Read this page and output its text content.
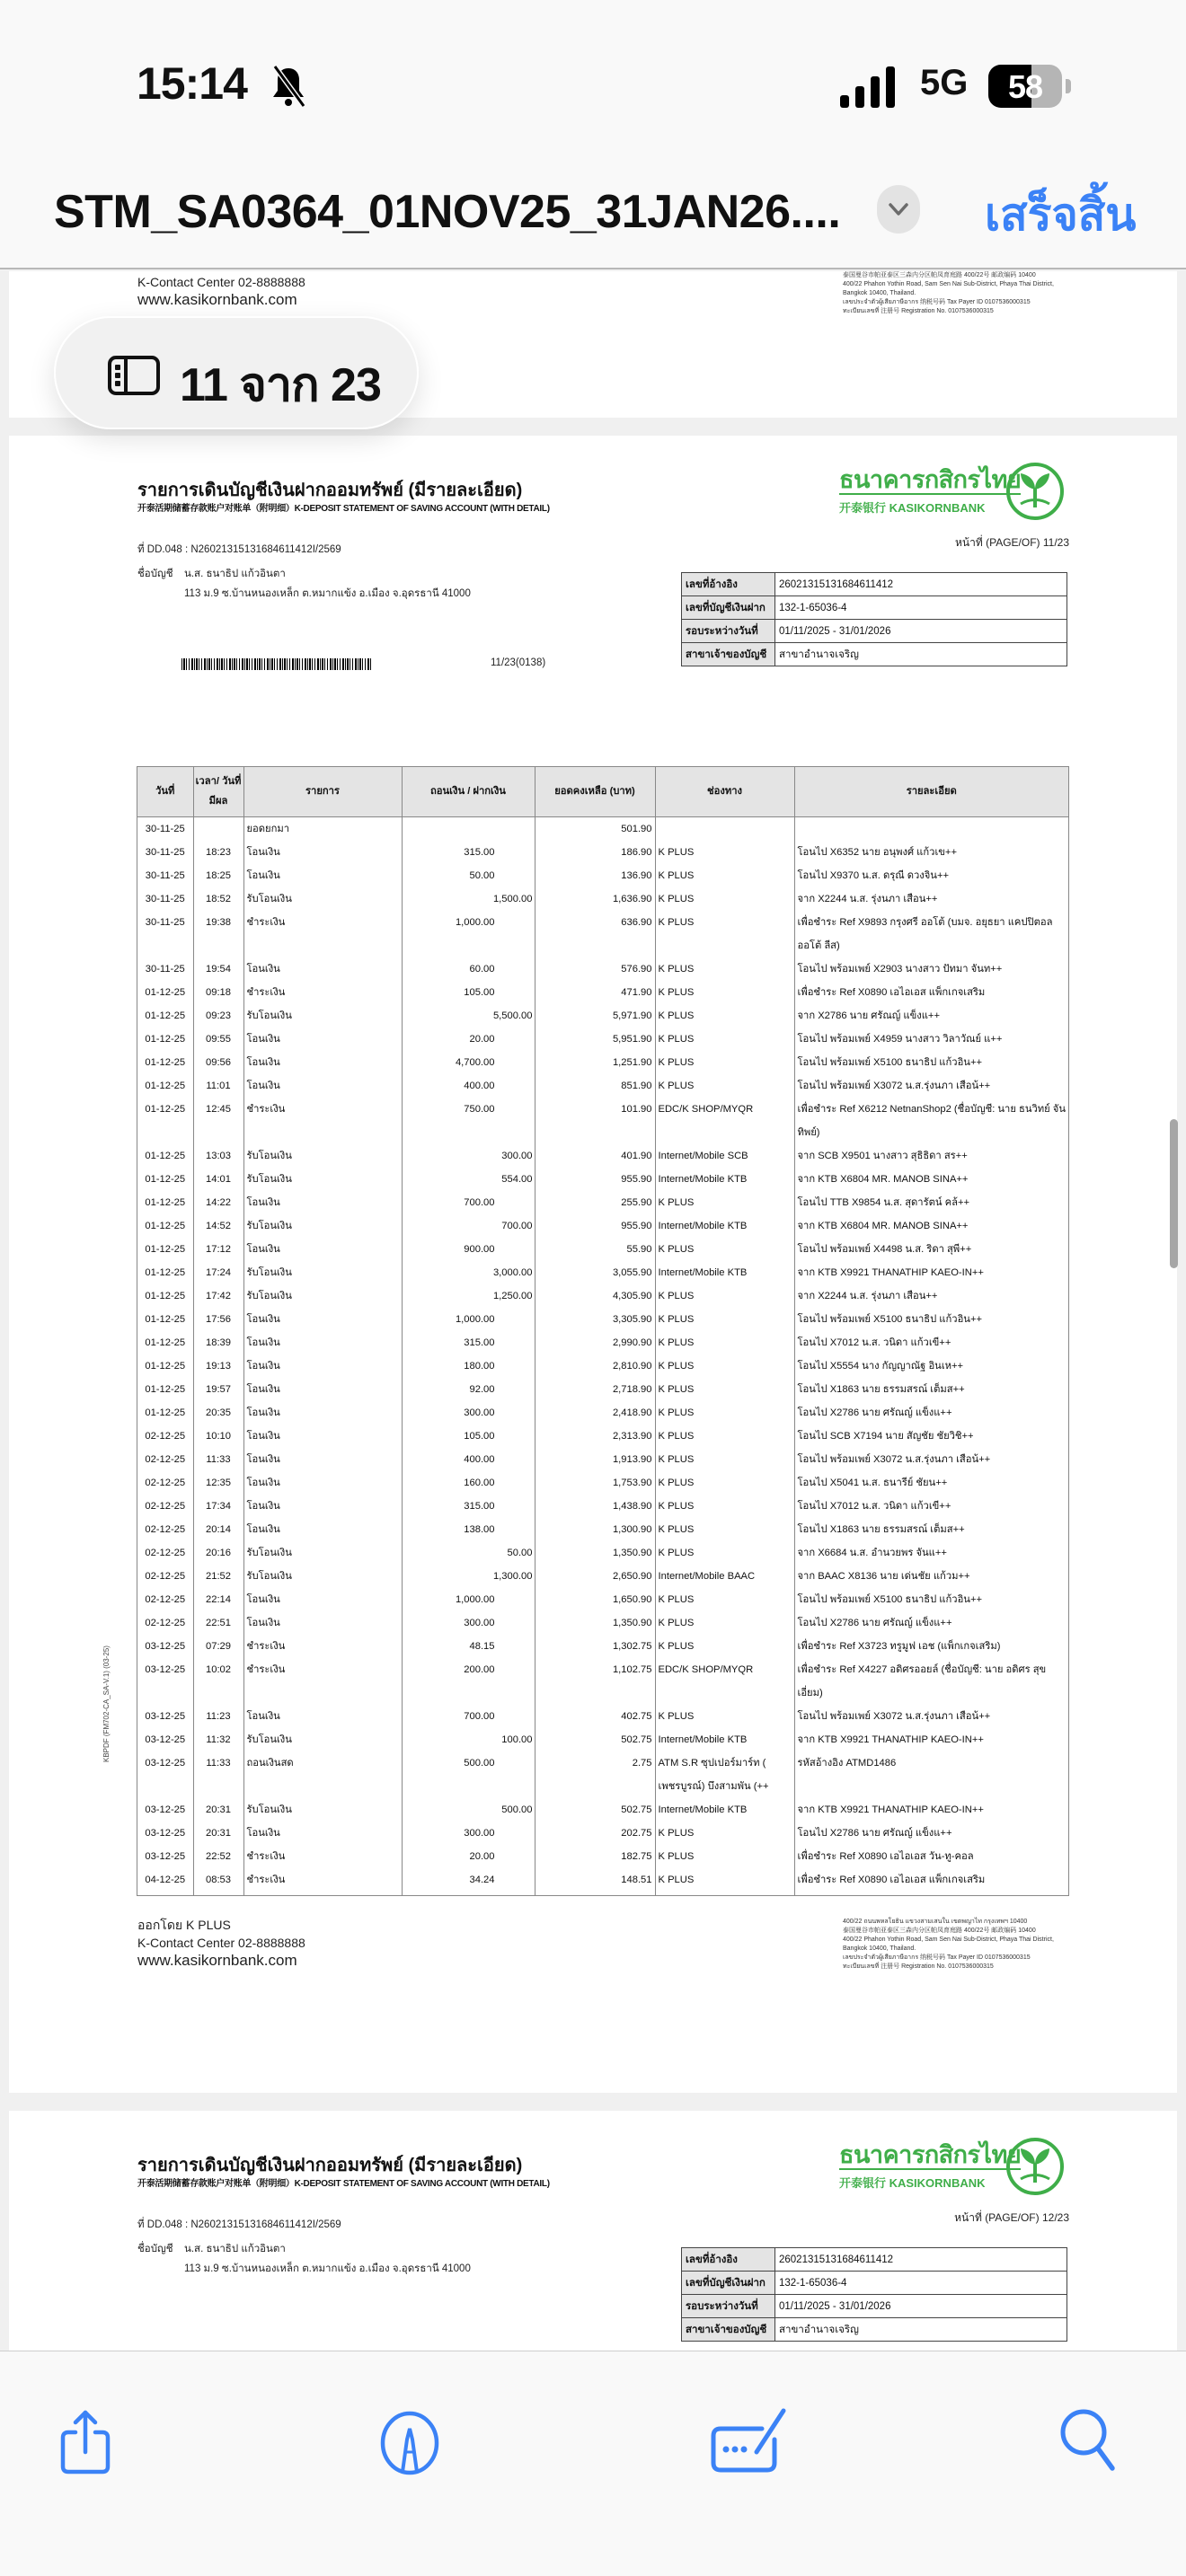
15:14	5G	58
STM_SA0364_01NOV25_31JAN26....	เสร็จสิ้น
K-Contact Center 02-8888888
www.kasikornbank.com
泰国曼谷市帕亚泰区三森内分区帕凤育庭路 400/22号 邮政编码 10400
400/22 Phahon Yothin Road, Sam Sen Nai Sub-District, Phaya Thai District, Bangkok 10400, Thailand.
เลขประจำตัวผู้เสียภาษีอากร 纳税号码 Tax Payer ID 0107536000315
ทะเบียนเลขที่ 注册号 Registration No. 0107536000315
รายการเดินบัญชีเงินฝากออมทรัพย์ (มีรายละเอียด)
开泰活期储蓄存款账户对账单（附明细）K-DEPOSIT STATEMENT OF SAVING ACCOUNT (WITH DETAIL)
ธนาคารกสิกรไทย
开泰银行 KASIKORNBANK
หน้าที่ (PAGE/OF) 11/23
ที่ DD.048 : N26021315131684611412I/2569
ชื่อบัญชี น.ส. ธนาธิป แก้วอินตา
113 ม.9 ซ.บ้านหนองเหล็ก ต.หมากแข้ง อ.เมือง จ.อุดรธานี 41000
เลขที่อ้างอิง	26021315131684611412
เลขที่บัญชีเงินฝาก	132-1-65036-4
รอบระหว่างวันที่	01/11/2025 - 31/01/2026
สาขาเจ้าของบัญชี	สาขาอำนาจเจริญ
11/23(0138)
วันที่	เวลา/ วันที่มีผล	รายการ	ถอนเงิน / ฝากเงิน	ยอดคงเหลือ (บาท)	ช่องทาง	รายละเอียด
30-11-25		ยอดยกมา		501.90		
30-11-25	18:23	โอนเงิน	315.00	186.90	K PLUS	โอนไป X6352 นาย อนุพงศ์ แก้วเข++
30-11-25	18:25	โอนเงิน	50.00	136.90	K PLUS	โอนไป X9370 น.ส. ดรุณี ดวงจิน++
30-11-25	18:52	รับโอนเงิน	1,500.00	1,636.90	K PLUS	จาก X2244 น.ส. รุ่งนภา เสือน++
30-11-25	19:38	ชำระเงิน	1,000.00	636.90	K PLUS	เพื่อชำระ Ref X9893 กรุงศรี ออโต้ (บมจ. อยุธยา แคปปิตอล ออโต้ ลีส)
30-11-25	19:54	โอนเงิน	60.00	576.90	K PLUS	โอนไป พร้อมเพย์ X2903 นางสาว ปัทมา จันท++
01-12-25	09:18	ชำระเงิน	105.00	471.90	K PLUS	เพื่อชำระ Ref X0890 เอไอเอส แพ็กเกจเสริม
01-12-25	09:23	รับโอนเงิน	5,500.00	5,971.90	K PLUS	จาก X2786 นาย ศรัณญ์ แข็งแ++
01-12-25	09:55	โอนเงิน	20.00	5,951.90	K PLUS	โอนไป พร้อมเพย์ X4959 นางสาว วิลาวัณย์ แ++
01-12-25	09:56	โอนเงิน	4,700.00	1,251.90	K PLUS	โอนไป พร้อมเพย์ X5100 ธนาธิป แก้วอิน++
01-12-25	11:01	โอนเงิน	400.00	851.90	K PLUS	โอนไป พร้อมเพย์ X3072 น.ส.รุ่งนภา เสือน้++
01-12-25	12:45	ชำระเงิน	750.00	101.90	EDC/K SHOP/MYQR	เพื่อชำระ Ref X6212 NetnanShop2 (ชื่อบัญชี: นาย ธนวิทย์ จันทิพย์)
01-12-25	13:03	รับโอนเงิน	300.00	401.90	Internet/Mobile SCB	จาก SCB X9501 นางสาว สุธิธิดา สร++
01-12-25	14:01	รับโอนเงิน	554.00	955.90	Internet/Mobile KTB	จาก KTB X6804 MR. MANOB SINA++
01-12-25	14:22	โอนเงิน	700.00	255.90	K PLUS	โอนไป TTB X9854 น.ส. สุดารัตน์ คล้++
01-12-25	14:52	รับโอนเงิน	700.00	955.90	Internet/Mobile KTB	จาก KTB X6804 MR. MANOB SINA++
01-12-25	17:12	โอนเงิน	900.00	55.90	K PLUS	โอนไป พร้อมเพย์ X4498 น.ส. ริดา สุพี++
01-12-25	17:24	รับโอนเงิน	3,000.00	3,055.90	Internet/Mobile KTB	จาก KTB X9921 THANATHIP KAEO-IN++
01-12-25	17:42	รับโอนเงิน	1,250.00	4,305.90	K PLUS	จาก X2244 น.ส. รุ่งนภา เสือน++
01-12-25	17:56	โอนเงิน	1,000.00	3,305.90	K PLUS	โอนไป พร้อมเพย์ X5100 ธนาธิป แก้วอิน++
01-12-25	18:39	โอนเงิน	315.00	2,990.90	K PLUS	โอนไป X7012 น.ส. วนิดา แก้วเขี++
01-12-25	19:13	โอนเงิน	180.00	2,810.90	K PLUS	โอนไป X5554 นาง กัญญาณัฐ อินเห++
01-12-25	19:57	โอนเงิน	92.00	2,718.90	K PLUS	โอนไป X1863 นาย ธรรมสรณ์ เต็มส++
01-12-25	20:35	โอนเงิน	300.00	2,418.90	K PLUS	โอนไป X2786 นาย ศรัณญ์ แข็งแ++
02-12-25	10:10	โอนเงิน	105.00	2,313.90	K PLUS	โอนไป SCB X7194 นาย สัญชัย ชัยวิชิ++
02-12-25	11:33	โอนเงิน	400.00	1,913.90	K PLUS	โอนไป พร้อมเพย์ X3072 น.ส.รุ่งนภา เสือน้++
02-12-25	12:35	โอนเงิน	160.00	1,753.90	K PLUS	โอนไป X5041 น.ส. ธนารีย์ ชัยน++
02-12-25	17:34	โอนเงิน	315.00	1,438.90	K PLUS	โอนไป X7012 น.ส. วนิดา แก้วเขี++
02-12-25	20:14	โอนเงิน	138.00	1,300.90	K PLUS	โอนไป X1863 นาย ธรรมสรณ์ เต็มส++
02-12-25	20:16	รับโอนเงิน	50.00	1,350.90	K PLUS	จาก X6684 น.ส. อำนวยพร จันแ++
02-12-25	21:52	รับโอนเงิน	1,300.00	2,650.90	Internet/Mobile BAAC	จาก BAAC X8136 นาย เด่นชัย แก้วม++
02-12-25	22:14	โอนเงิน	1,000.00	1,650.90	K PLUS	โอนไป พร้อมเพย์ X5100 ธนาธิป แก้วอิน++
02-12-25	22:51	โอนเงิน	300.00	1,350.90	K PLUS	โอนไป X2786 นาย ศรัณญ์ แข็งแ++
03-12-25	07:29	ชำระเงิน	48.15	1,302.75	K PLUS	เพื่อชำระ Ref X3723 ทรูมูฟ เอช (แพ็กเกจเสริม)
03-12-25	10:02	ชำระเงิน	200.00	1,102.75	EDC/K SHOP/MYQR	เพื่อชำระ Ref X4227 อดิศรออยล์ (ชื่อบัญชี: นาย อดิศร สุขเอี่ยม)
03-12-25	11:23	โอนเงิน	700.00	402.75	K PLUS	โอนไป พร้อมเพย์ X3072 น.ส.รุ่งนภา เสือน้++
03-12-25	11:32	รับโอนเงิน	100.00	502.75	Internet/Mobile KTB	จาก KTB X9921 THANATHIP KAEO-IN++
03-12-25	11:33	ถอนเงินสด	500.00	2.75	ATM S.R ซุปเปอร์มาร์ท ( เพชรบูรณ์) บึงสามพัน (++	รหัสอ้างอิง ATMD1486
03-12-25	20:31	รับโอนเงิน	500.00	502.75	Internet/Mobile KTB	จาก KTB X9921 THANATHIP KAEO-IN++
03-12-25	20:31	โอนเงิน	300.00	202.75	K PLUS	โอนไป X2786 นาย ศรัณญ์ แข็งแ++
03-12-25	22:52	ชำระเงิน	20.00	182.75	K PLUS	เพื่อชำระ Ref X0890 เอไอเอส วัน-ทู-คอล
04-12-25	08:53	ชำระเงิน	34.24	148.51	K PLUS	เพื่อชำระ Ref X0890 เอไอเอส แพ็กเกจเสริม

ออกโดย K PLUS
K-Contact Center 02-8888888
www.kasikornbank.com
400/22 ถนนพหลโยธิน แขวงสามเสนใน เขตพญาไท กรุงเทพฯ 10400
泰国曼谷市帕亚泰区三森内分区帕凤育庭路 400/22号 邮政编码 10400
400/22 Phahon Yothin Road, Sam Sen Nai Sub-District, Phaya Thai District, Bangkok 10400, Thailand.
เลขประจำตัวผู้เสียภาษีอากร 纳税号码 Tax Payer ID 0107536000315
ทะเบียนเลขที่ 注册号 Registration No. 0107536000315
รายการเดินบัญชีเงินฝากออมทรัพย์ (มีรายละเอียด)
开泰活期储蓄存款账户对账单（附明细）K-DEPOSIT STATEMENT OF SAVING ACCOUNT (WITH DETAIL)
ธนาคารกสิกรไทย
开泰银行 KASIKORNBANK
หน้าที่ (PAGE/OF) 12/23
ที่ DD.048 : N26021315131684611412I/2569
ชื่อบัญชี น.ส. ธนาธิป แก้วอินตา
113 ม.9 ซ.บ้านหนองเหล็ก ต.หมากแข้ง อ.เมือง จ.อุดรธานี 41000
เลขที่อ้างอิง	26021315131684611412
เลขที่บัญชีเงินฝาก	132-1-65036-4
รอบระหว่างวันที่	01/11/2025 - 31/01/2026
สาขาเจ้าของบัญชี	สาขาอำนาจเจริญ
KBPDF (FM702-CA_SA-V.1) (03-25)
11 จาก 23
